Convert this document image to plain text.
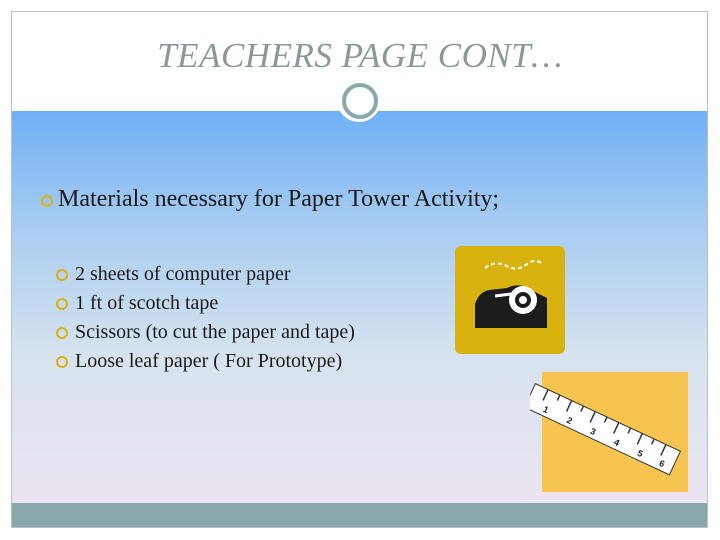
TEACHERS PAGE CONT…
Materials necessary for Paper Tower Activity;
2 sheets of computer paper
1 ft of scotch tape
Scissors (to cut the paper and tape)
Loose leaf paper ( For Prototype)
1
2
3
4
5
6
